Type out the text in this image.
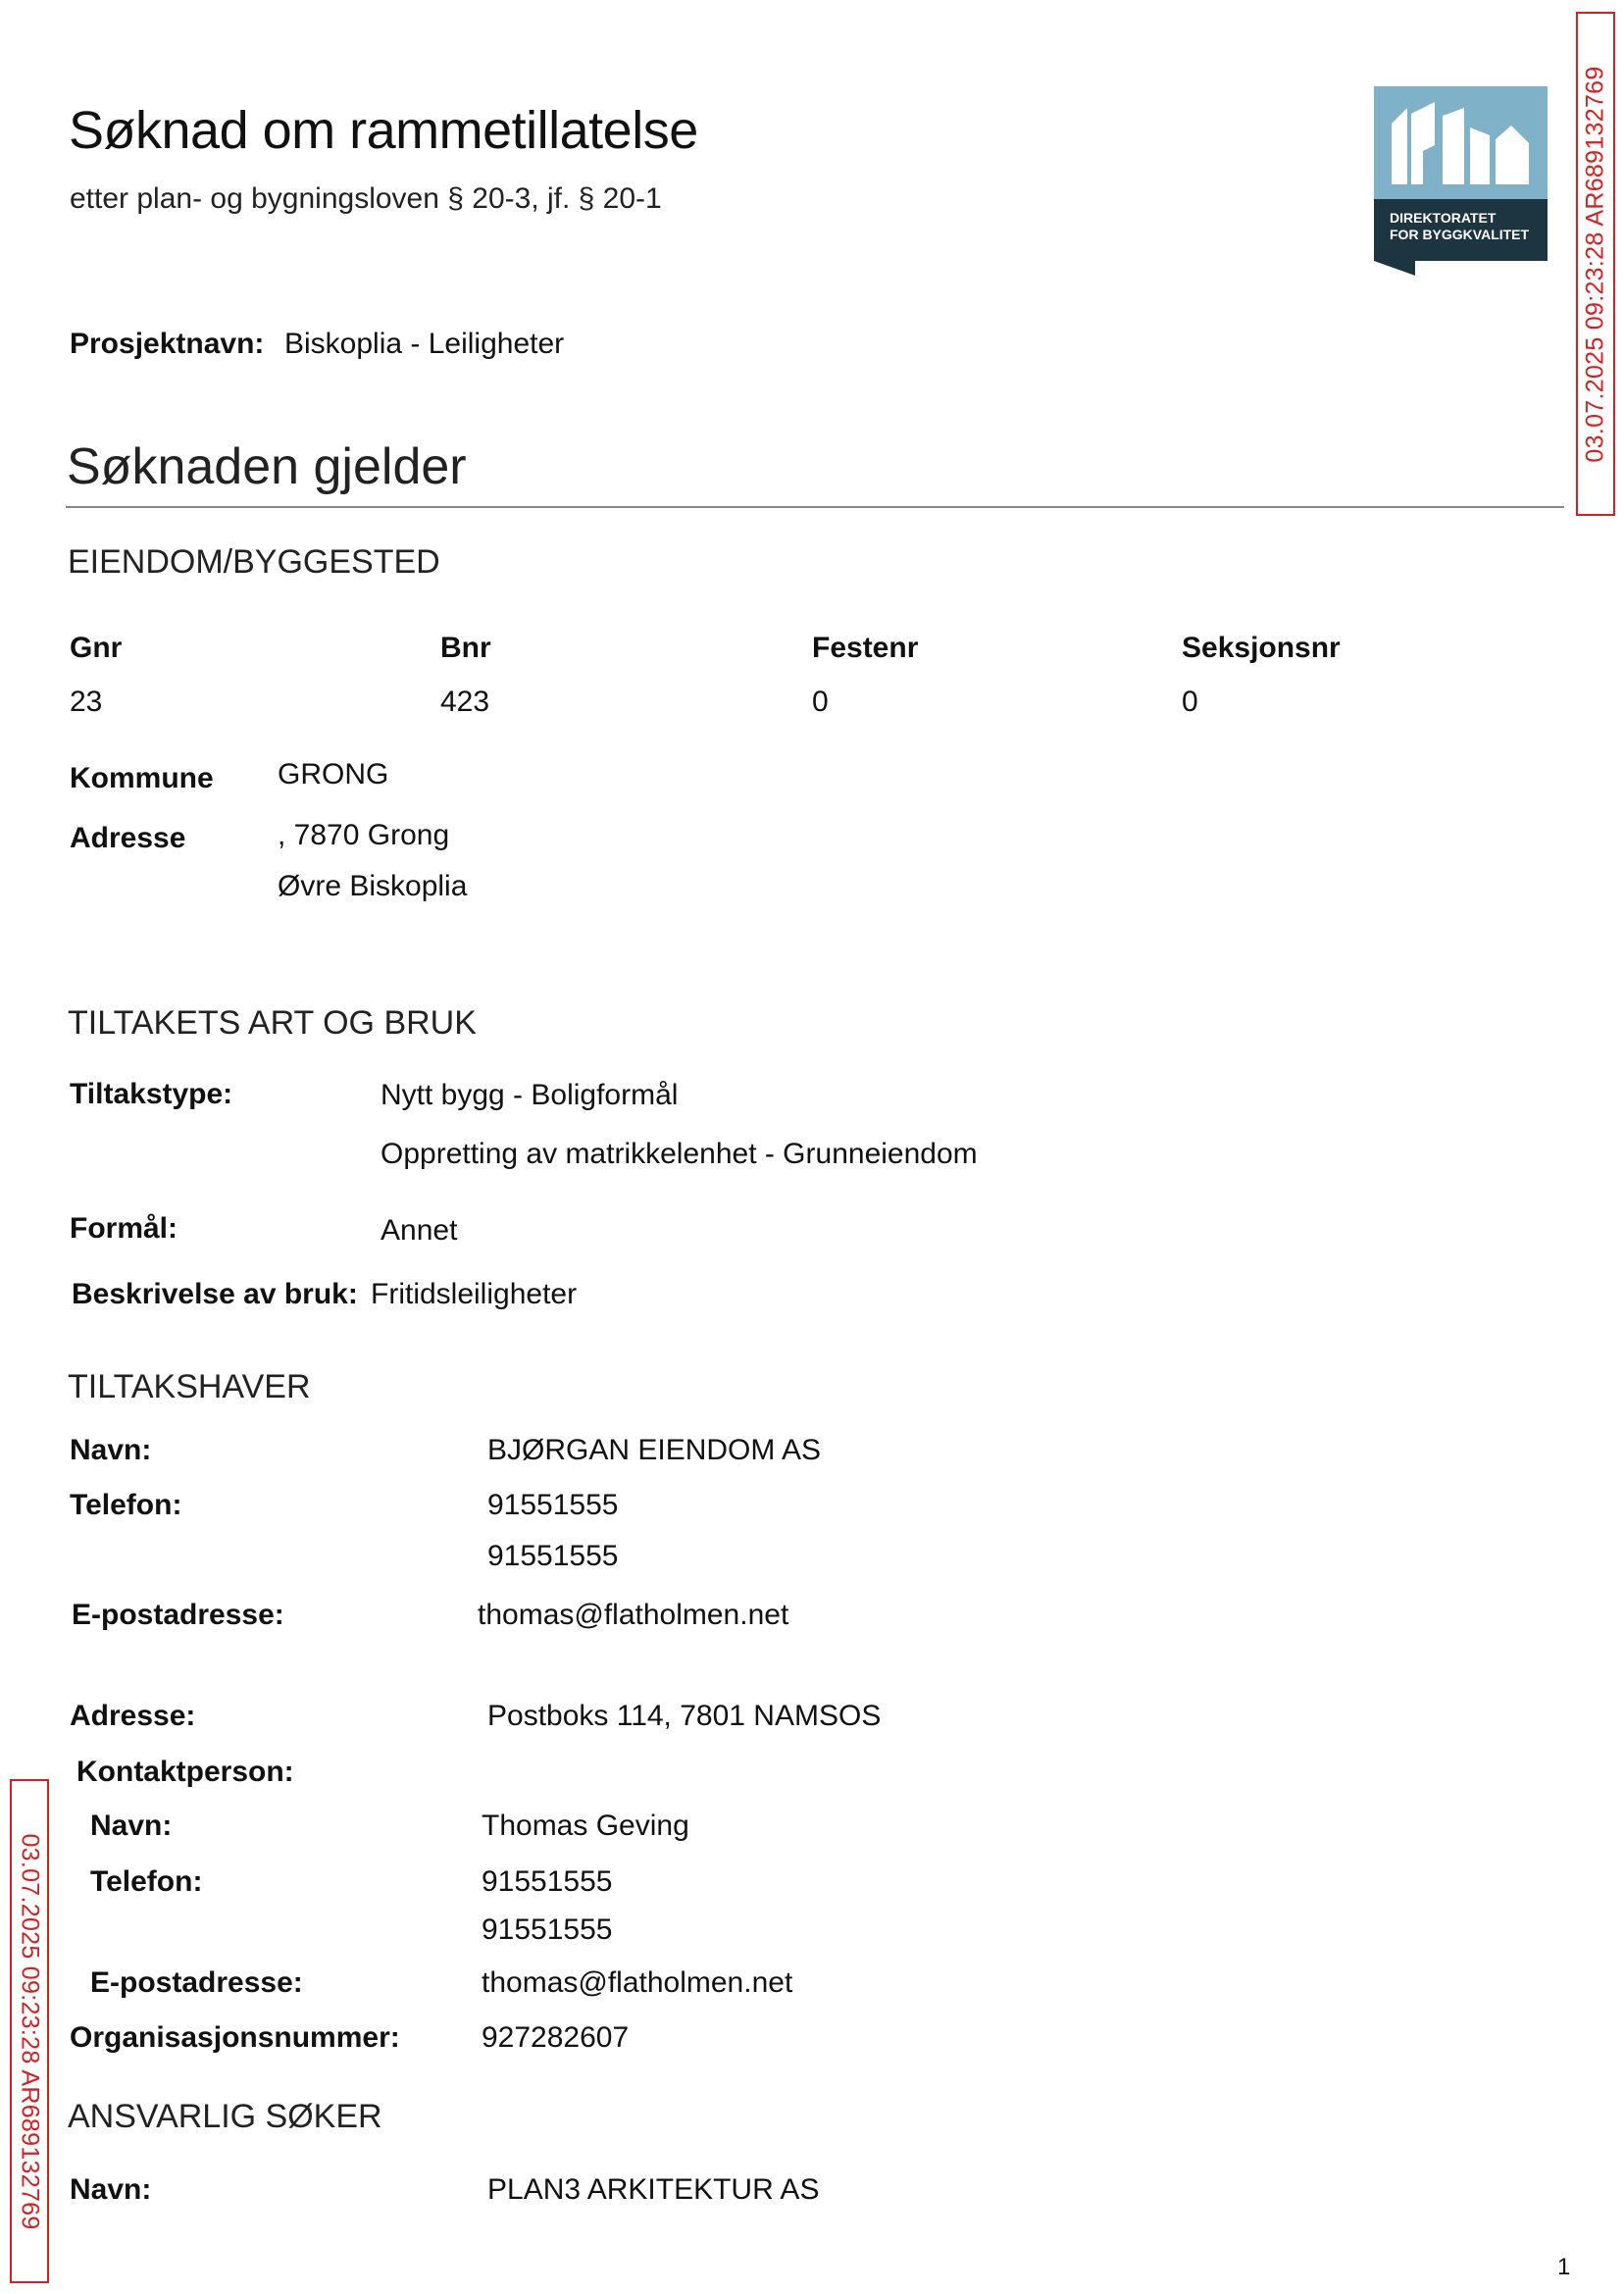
Søknad om rammetillatelse
etter plan- og bygningsloven § 20-3, jf. § 20-1
DIREKTORATET
FOR BYGGKVALITET
Prosjektnavn: Biskoplia - Leiligheter
Søknaden gjelder
EIENDOM/BYGGESTED
Gnr	Bnr	Festenr	Seksjonsnr
23	423	0	0
Kommune GRONG
Adresse	, 7870 Grong
Øvre Biskoplia
TILTAKETS ART OG BRUK
Tiltakstype:	Nytt bygg - Boligformål
Oppretting av matrikkelenhet - Grunneiendom
Formål:	Annet
Beskrivelse av bruk: Fritidsleiligheter
TILTAKSHAVER
Navn:	BJØRGAN EIENDOM AS
Telefon:	91551555
91551555
E-postadresse:	thomas@flatholmen.net
Adresse:	Postboks 114, 7801 NAMSOS
Kontaktperson:
Navn:	Thomas Geving
Telefon:	91551555
91551555
E-postadresse:	thomas@flatholmen.net
Organisasjonsnummer:	927282607
ANSVARLIG SØKER
Navn:	PLAN3 ARKITEKTUR AS
1
03.07.2025 09:23:28 AR689132769
03.07.2025 09:23:28 AR689132769
